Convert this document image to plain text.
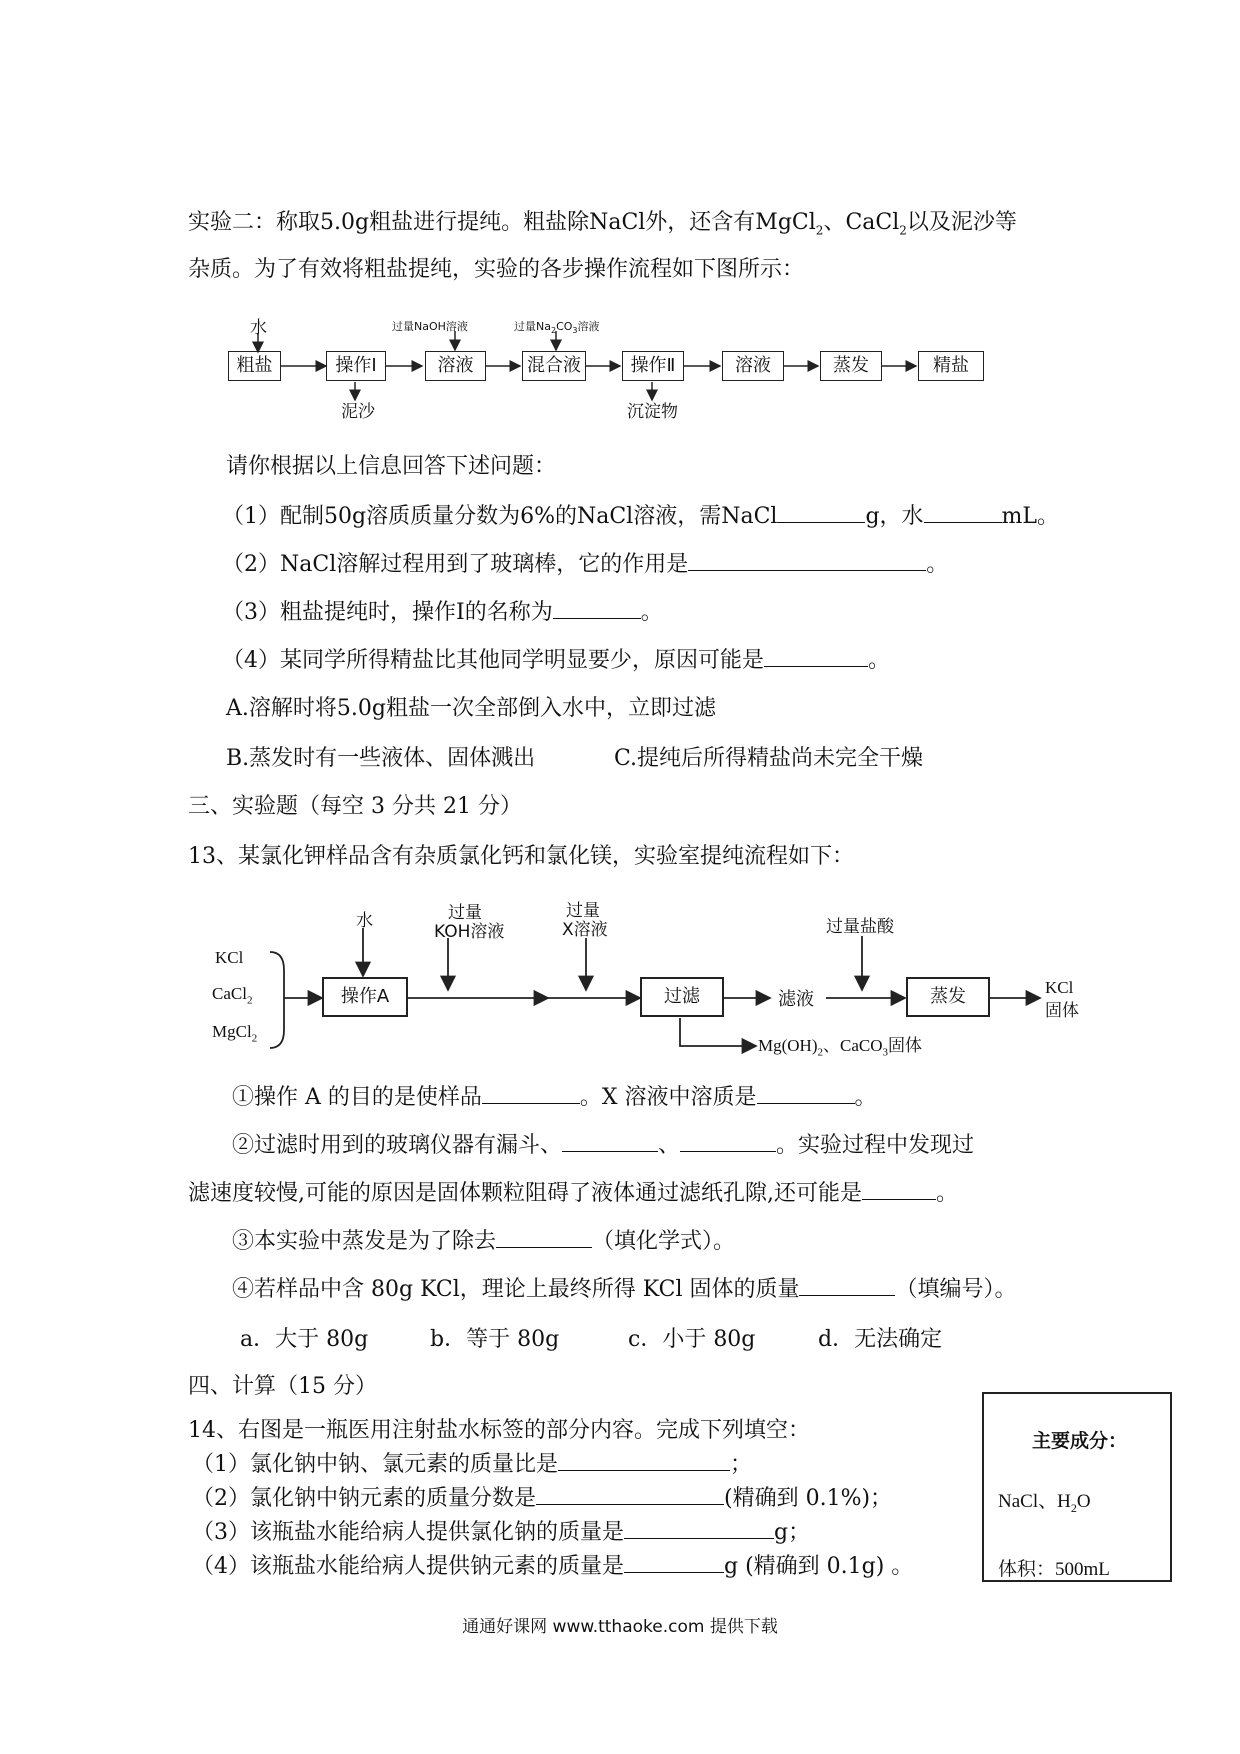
实验二：称取5.0g粗盐进行提纯。粗盐除NaCl外，还含有MgCl$_2$、CaCl$_2$以及泥沙等
杂质。为了有效将粗盐提纯，实验的各步操作流程如下图所示：
水	过量NaOH溶液	过量$Na_2CO_3$溶液
粗盐	操作Ⅰ	溶液	混合液	操作Ⅱ	溶液	蒸发	精盐
泥沙	沉淀物
请你根据以上信息回答下述问题：
（1）配制50g溶质质量分数为6%的NaCl溶液，需NaCl	g，水	mL。
（2）NaCl溶解过程用到了玻璃棒，它的作用是	。
（3）粗盐提纯时，操作I的名称为	。
（4）某同学所得精盐比其他同学明显要少，原因可能是	。
A.溶解时将5.0g粗盐一次全部倒入水中，立即过滤
B.蒸发时有一些液体、固体溅出	C.提纯后所得精盐尚未完全干燥
三、实验题（每空 3 分共 21 分）
13、某氯化钾样品含有杂质氯化钙和氯化镁，实验室提纯流程如下：
KCl
CaCl$_2$
MgCl$_2$
水	过量
KOH溶液
过量
X溶液	过量盐酸
操作A	过滤	滤液	蒸发	KCl
固体
$Mg(OH)_2$、CaCO$_3$固体
①操作 A 的目的是使样品	。X 溶液中溶质是	。
②过滤时用到的玻璃仪器有漏斗、	、	。实验过程中发现过
滤速度较慢,可能的原因是固体颗粒阻碍了液体通过滤纸孔隙,还可能是	。
③本实验中蒸发是为了除去	（填化学式）。
④若样品中含 80g KCl，理论上最终所得 KCl 固体的质量	（填编号）。
a．大于 80g	b．等于 80g	c．小于 80g	d．无法确定
四、计算（15 分）
14、右图是一瓶医用注射盐水标签的部分内容。完成下列填空：
（1）氯化钠中钠、氯元素的质量比是	；
（2）氯化钠中钠元素的质量分数是	(精确到 0.1%)；
（3）该瓶盐水能给病人提供氯化钠的质量是	g；
（4）该瓶盐水能给病人提供钠元素的质量是	g (精确到 0.1g) 。
主要成分：
NaCl、$H_2O$
体积：500mL
通通好课网 www.tthaoke.com 提供下载
